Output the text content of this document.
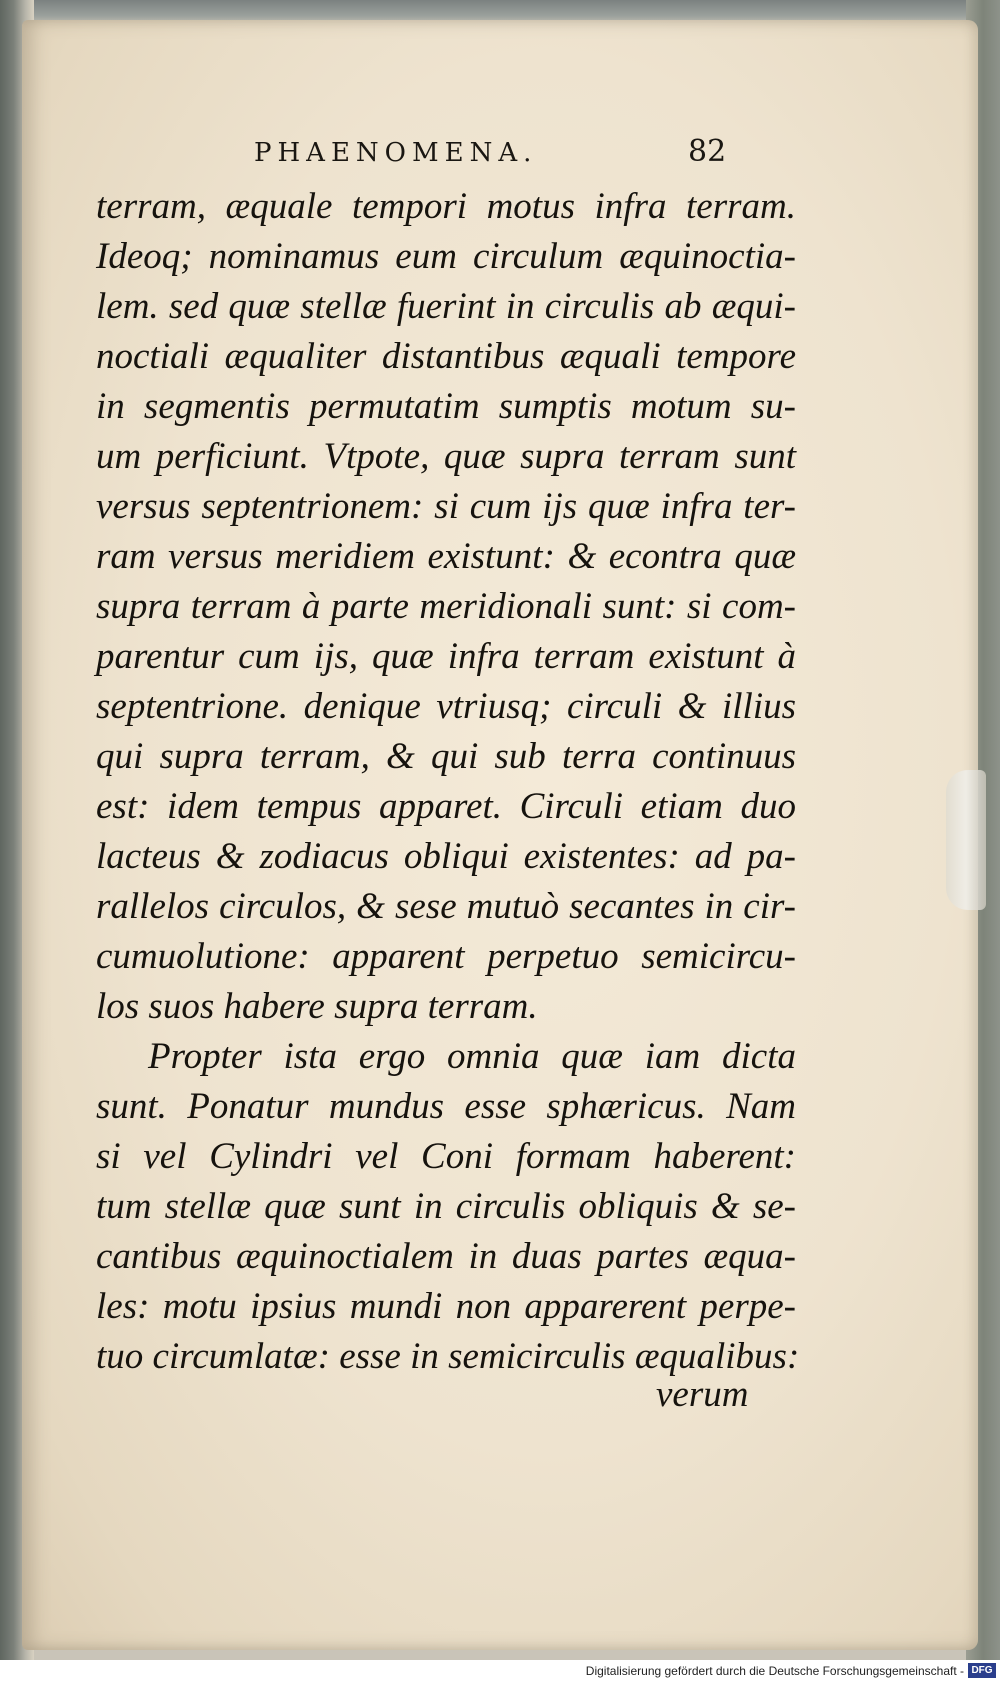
PHAENOMENA.	82
terram, æquale tempori motus infra terram.
Ideoq; nominamus eum circulum æquinoctia-
lem. sed quæ stellæ fuerint in circulis ab æqui-
noctiali æqualiter distantibus æquali tempore
in segmentis permutatim sumptis motum su-
um perficiunt. Vtpote, quæ supra terram sunt
versus septentrionem: si cum ijs quæ infra ter-
ram versus meridiem existunt: & econtra quæ
supra terram à parte meridionali sunt: si com-
parentur cum ijs, quæ infra terram existunt à
septentrione. denique vtriusq; circuli & illius
qui supra terram, & qui sub terra continuus
est: idem tempus apparet. Circuli etiam duo
lacteus & zodiacus obliqui existentes: ad pa-
rallelos circulos, & sese mutuò secantes in cir-
cumuolutione: apparent perpetuo semicircu-
los suos habere supra terram.
Propter ista ergo omnia quæ iam dicta
sunt. Ponatur mundus esse sphæricus. Nam
si vel Cylindri vel Coni formam haberent:
tum stellæ quæ sunt in circulis obliquis & se-
cantibus æquinoctialem in duas partes æqua-
les: motu ipsius mundi non apparerent perpe-
tuo circumlatæ: esse in semicirculis æqualibus:
verum
Digitalisierung gefördert durch die Deutsche Forschungsgemeinschaft - DFG
